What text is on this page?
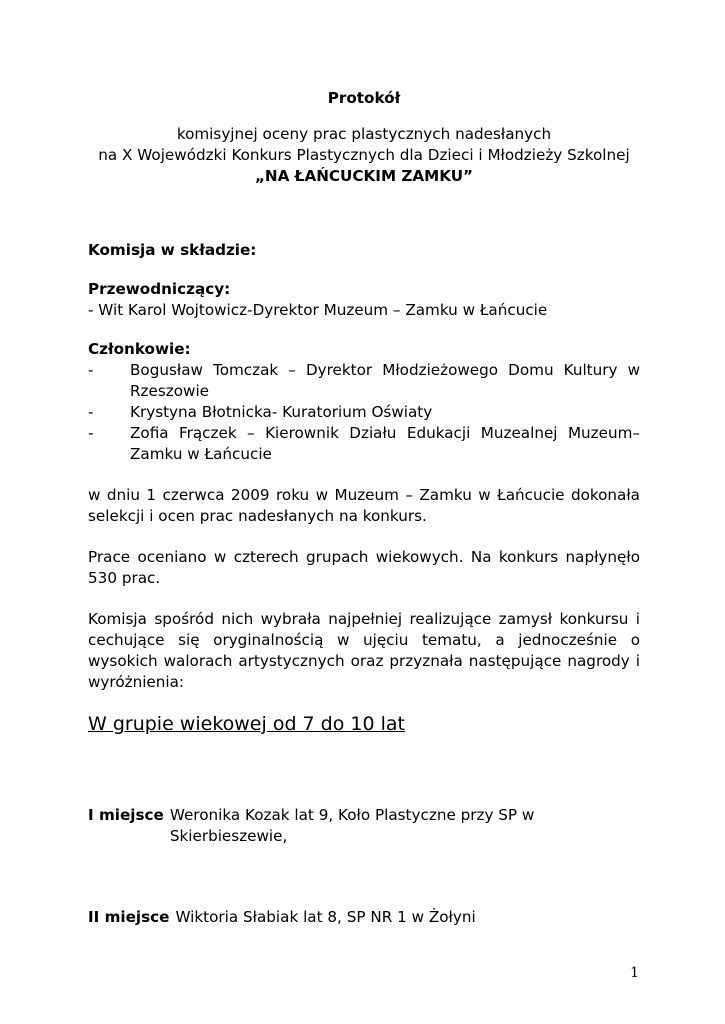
Protokół
komisyjnej oceny prac plastycznych nadesłanych
na X Wojewódzki Konkurs Plastycznych dla Dzieci i Młodzieży Szkolnej
„NA ŁAŃCUCKIM ZAMKU”
Komisja w składzie:
Przewodniczący:
- Wit Karol Wojtowicz-Dyrektor Muzeum – Zamku w Łańcucie
Członkowie:
-	Bogusław Tomczak – Dyrektor Młodzieżowego Domu Kultury w Rzeszowie
-	Krystyna Błotnicka- Kuratorium Oświaty
-	Zofia Frączek – Kierownik Działu Edukacji Muzealnej Muzeum– Zamku w Łańcucie
w dniu 1 czerwca 2009 roku w Muzeum – Zamku w Łańcucie dokonała selekcji i ocen prac nadesłanych na konkurs.
Prace oceniano w czterech grupach wiekowych. Na konkurs napłynęło 530 prac.
Komisja spośród nich wybrała najpełniej realizujące zamysł konkursu i cechujące się oryginalnością w ujęciu tematu, a jednocześnie o wysokich walorach artystycznych oraz przyznała następujące nagrody i wyróżnienia:
W grupie wiekowej od 7 do 10 lat
I miejsce Weronika Kozak lat 9, Koło Plastyczne przy SP w Skierbieszewie,
II miejsce Wiktoria Słabiak lat 8, SP NR 1 w Żołyni
1
